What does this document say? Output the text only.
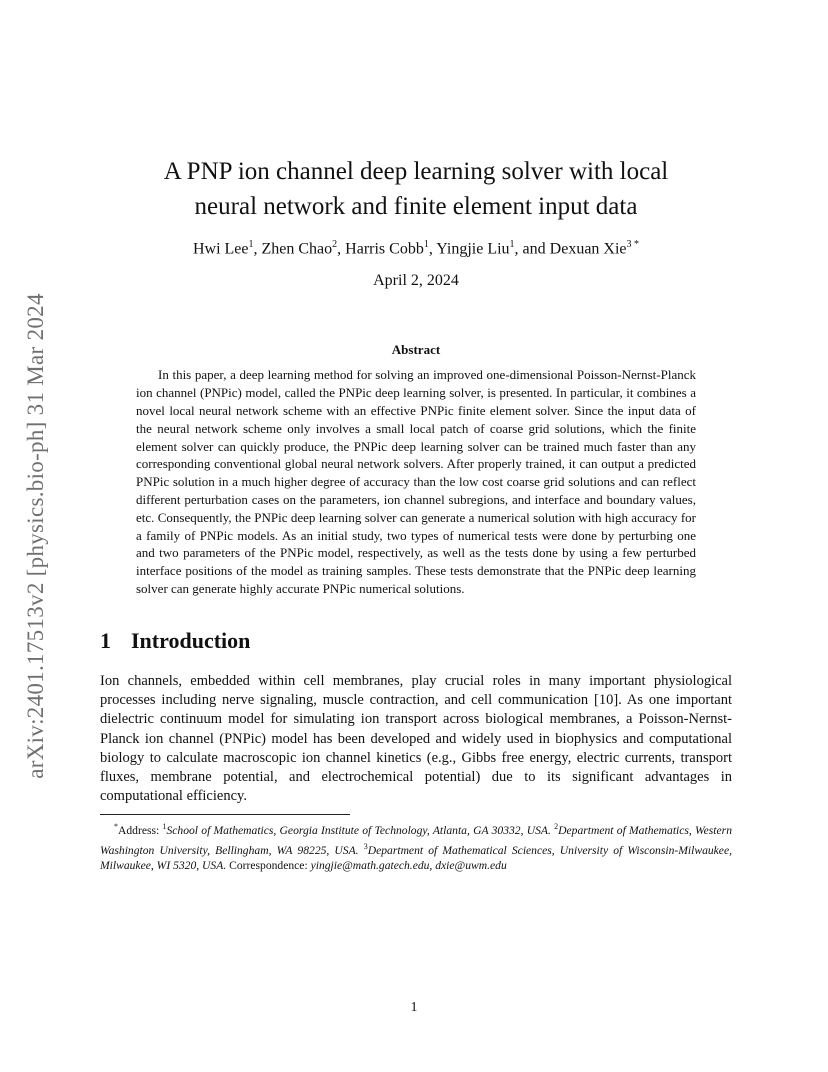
arXiv:2401.17513v2 [physics.bio-ph] 31 Mar 2024
A PNP ion channel deep learning solver with local
neural network and finite element input data
Hwi Lee$^1$, Zhen Chao$^2$, Harris Cobb$^1$, Yingjie Liu$^1$, and Dexuan Xie$^{3 *}$
April 2, 2024
Abstract

In this paper, a deep learning method for solving an improved one-dimensional Poisson-Nernst-Planck ion channel (PNPic) model, called the PNPic deep learning solver, is presented. In particular, it combines a novel local neural network scheme with an effective PNPic finite element solver. Since the input data of the neural network scheme only involves a small local patch of coarse grid solutions, which the finite element solver can quickly produce, the PNPic deep learning solver can be trained much faster than any corresponding conventional global neural network solvers. After properly trained, it can output a predicted PNPic solution in a much higher degree of accuracy than the low cost coarse grid solutions and can reflect different perturbation cases on the parameters, ion channel subregions, and interface and boundary values, etc. Consequently, the PNPic deep learning solver can generate a numerical solution with high accuracy for a family of PNPic models. As an initial study, two types of numerical tests were done by perturbing one and two parameters of the PNPic model, respectively, as well as the tests done by using a few perturbed interface positions of the model as training samples. These tests demonstrate that the PNPic deep learning solver can generate highly accurate PNPic numerical solutions.

1 Introduction

Ion channels, embedded within cell membranes, play crucial roles in many important physiological processes including nerve signaling, muscle contraction, and cell communication [10]. As one important dielectric continuum model for simulating ion transport across biological membranes, a Poisson-Nernst-Planck ion channel (PNPic) model has been developed and widely used in biophysics and computational biology to calculate macroscopic ion channel kinetics (e.g., Gibbs free energy, electric currents, transport fluxes, membrane potential, and electrochemical potential) due to its significant advantages in computational efficiency.

*Address: $^1$School of Mathematics, Georgia Institute of Technology, Atlanta, GA 30332, USA. $^2$Department of Mathematics, Western Washington University, Bellingham, WA 98225, USA. $^3$Department of Mathematical Sciences, University of Wisconsin-Milwaukee, Milwaukee, WI 5320, USA. Correspondence: yingjie@math.gatech.edu, dxie@uwm.edu

1
